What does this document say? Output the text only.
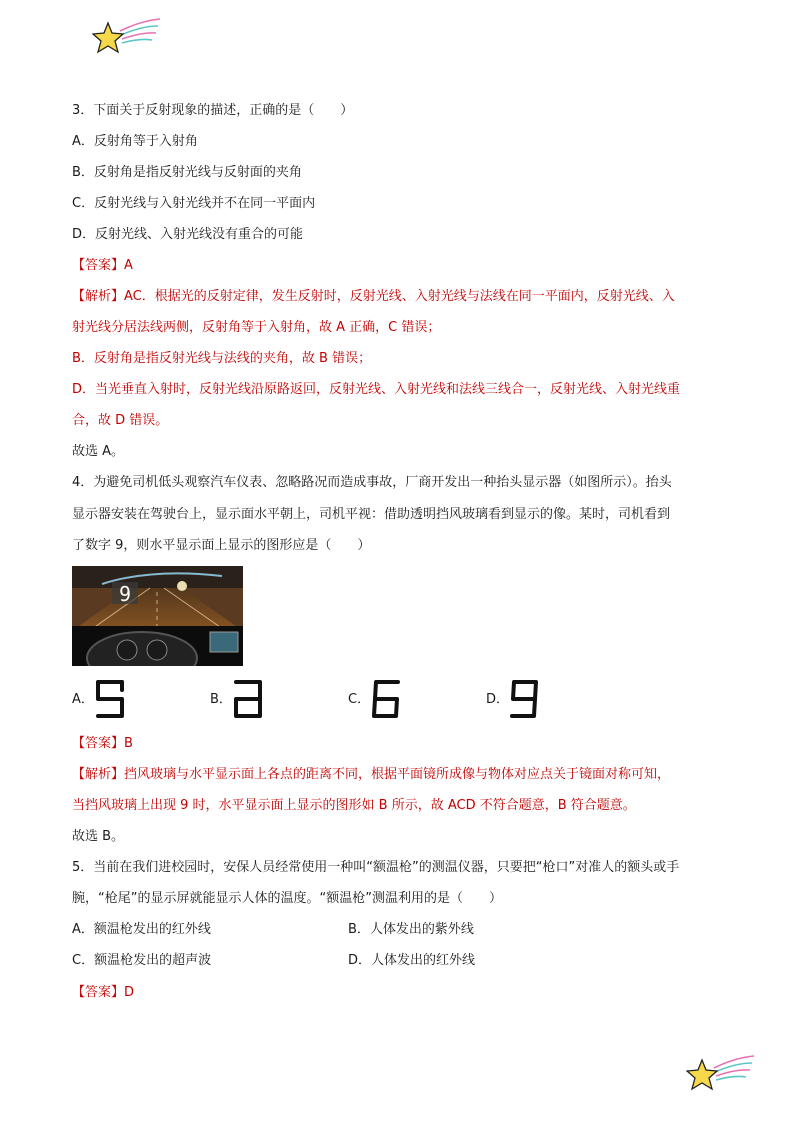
3．下面关于反射现象的描述，正确的是（　　）
A．反射角等于入射角
B．反射角是指反射光线与反射面的夹角
C．反射光线与入射光线并不在同一平面内
D．反射光线、入射光线没有重合的可能
【答案】A
【解析】AC．根据光的反射定律，发生反射时，反射光线、入射光线与法线在同一平面内，反射光线、入
射光线分居法线两侧，反射角等于入射角，故 A 正确，C 错误；
B．反射角是指反射光线与法线的夹角，故 B 错误；
D．当光垂直入射时，反射光线沿原路返回，反射光线、入射光线和法线三线合一，反射光线、入射光线重
合，故 D 错误。
故选 A。
4．为避免司机低头观察汽车仪表、忽略路况而造成事故，厂商开发出一种抬头显示器（如图所示）。抬头
显示器安装在驾驶台上，显示面水平朝上，司机平视：借助透明挡风玻璃看到显示的像。某时，司机看到
了数字 9，则水平显示面上显示的图形应是（　　）
9
A．	B．	C．	D．
【答案】B
【解析】挡风玻璃与水平显示面上各点的距离不同，根据平面镜所成像与物体对应点关于镜面对称可知，
当挡风玻璃上出现 9 时，水平显示面上显示的图形如 B 所示，故 ACD 不符合题意，B 符合题意。
故选 B。
5．当前在我们进校园时，安保人员经常使用一种叫“额温枪”的测温仪器，只要把“枪口”对准人的额头或手
腕，“枪尾”的显示屏就能显示人体的温度。“额温枪”测温利用的是（　　）
A．额温枪发出的红外线	B．人体发出的紫外线
C．额温枪发出的超声波	D．人体发出的红外线
【答案】D
